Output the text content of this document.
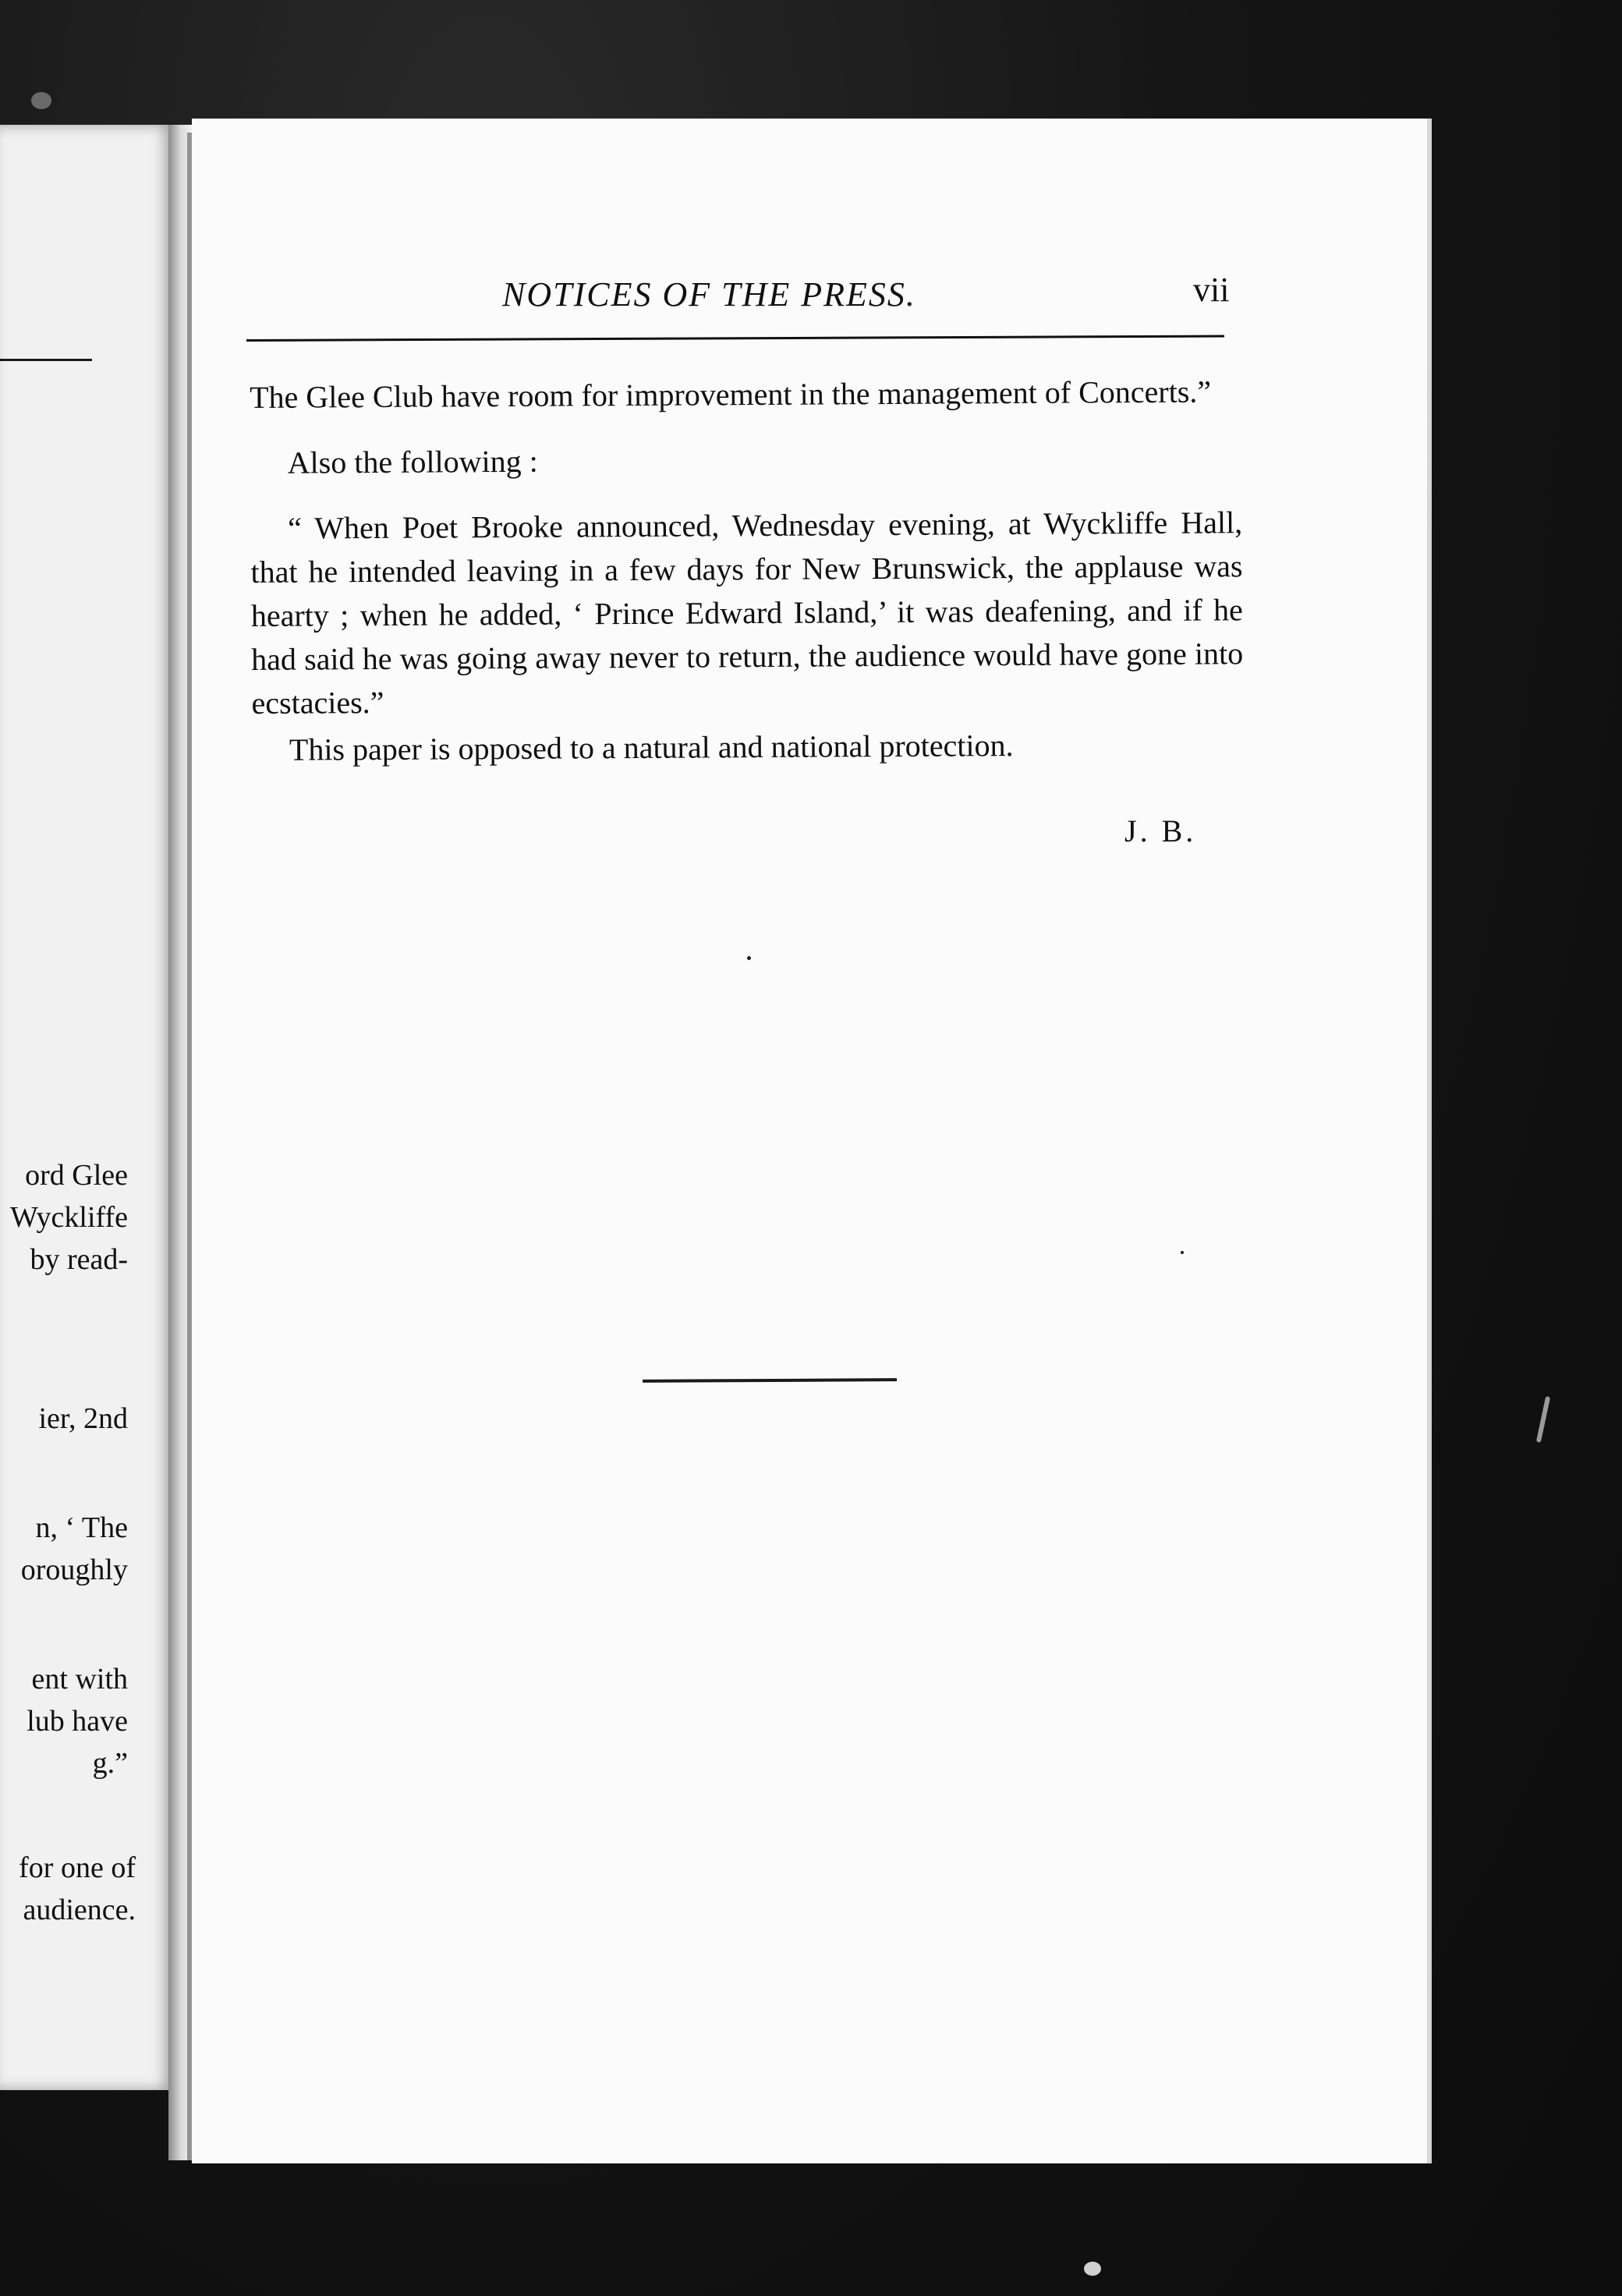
ord Glee
Wyckliffe
by read-
ier, 2nd
n, ‘ The
oroughly
ent with
lub have
g.”
for one of
audience.
NOTICES OF THE PRESS.	vii

The Glee Club have room for improvement in the management of Concerts.”

Also the following :

“ When Poet Brooke announced, Wednesday evening, at Wyckliffe Hall, that he intended leaving in a few days for New Brunswick, the applause was hearty ; when he added, ‘ Prince Edward Island,’ it was deafening, and if he had said he was going away never to return, the audience would have gone into ecstacies.”

This paper is opposed to a natural and national protection.

J. B.
